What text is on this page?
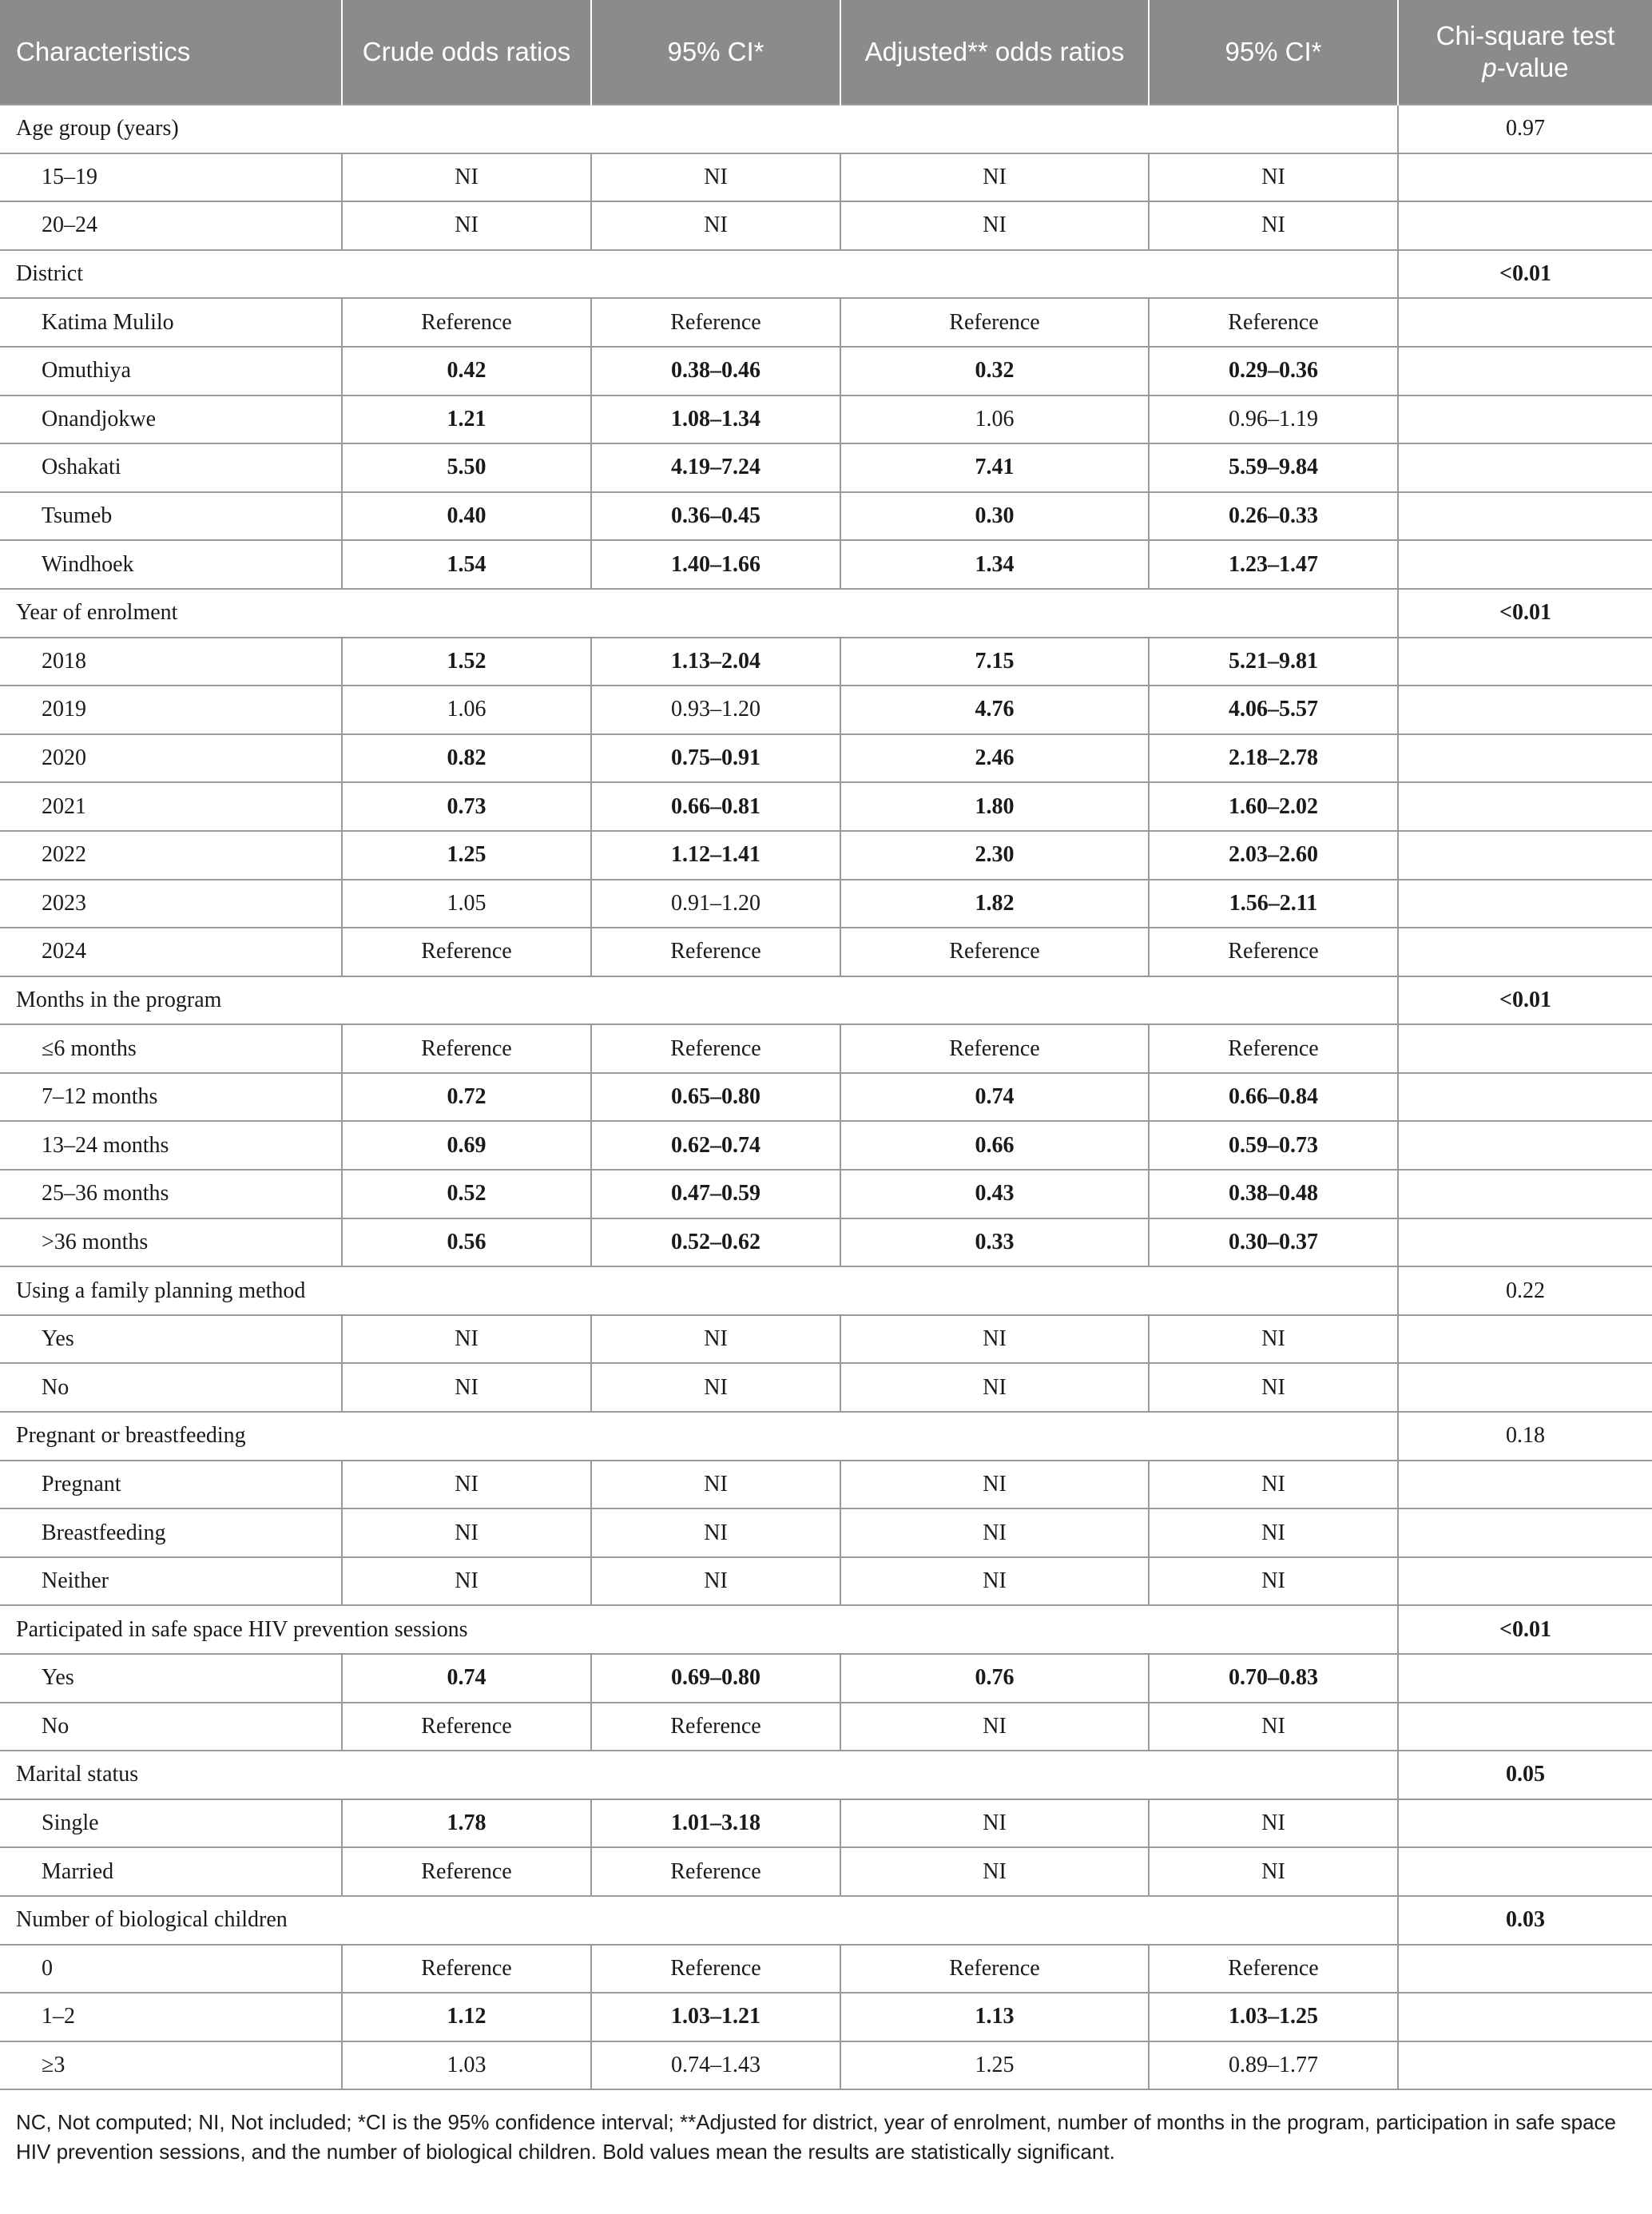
Characteristics	Crude odds ratios	95% CI*	Adjusted** odds ratios	95% CI*	Chi-square test
p-value
Age group (years)					0.97
15–19	NI	NI	NI	NI	
20–24	NI	NI	NI	NI	
District					<0.01
Katima Mulilo	Reference	Reference	Reference	Reference	
Omuthiya	0.42	0.38–0.46	0.32	0.29–0.36	
Onandjokwe	1.21	1.08–1.34	1.06	0.96–1.19	
Oshakati	5.50	4.19–7.24	7.41	5.59–9.84	
Tsumeb	0.40	0.36–0.45	0.30	0.26–0.33	
Windhoek	1.54	1.40–1.66	1.34	1.23–1.47	
Year of enrolment					<0.01
2018	1.52	1.13–2.04	7.15	5.21–9.81	
2019	1.06	0.93–1.20	4.76	4.06–5.57	
2020	0.82	0.75–0.91	2.46	2.18–2.78	
2021	0.73	0.66–0.81	1.80	1.60–2.02	
2022	1.25	1.12–1.41	2.30	2.03–2.60	
2023	1.05	0.91–1.20	1.82	1.56–2.11	
2024	Reference	Reference	Reference	Reference	
Months in the program					<0.01
≤6 months	Reference	Reference	Reference	Reference	
7–12 months	0.72	0.65–0.80	0.74	0.66–0.84	
13–24 months	0.69	0.62–0.74	0.66	0.59–0.73	
25–36 months	0.52	0.47–0.59	0.43	0.38–0.48	
>36 months	0.56	0.52–0.62	0.33	0.30–0.37	
Using a family planning method					0.22
Yes	NI	NI	NI	NI	
No	NI	NI	NI	NI	
Pregnant or breastfeeding					0.18
Pregnant	NI	NI	NI	NI	
Breastfeeding	NI	NI	NI	NI	
Neither	NI	NI	NI	NI	
Participated in safe space HIV prevention sessions					<0.01
Yes	0.74	0.69–0.80	0.76	0.70–0.83	
No	Reference	Reference	NI	NI	
Marital status					0.05
Single	1.78	1.01–3.18	NI	NI	
Married	Reference	Reference	NI	NI	
Number of biological children					0.03
0	Reference	Reference	Reference	Reference	
1–2	1.12	1.03–1.21	1.13	1.03–1.25	
≥3	1.03	0.74–1.43	1.25	0.89–1.77	
NC, Not computed; NI, Not included; *CI is the 95% confidence interval; **Adjusted for district, year of enrolment, number of months in the program, participation in safe space HIV prevention sessions, and the number of biological children. Bold values mean the results are statistically significant.
